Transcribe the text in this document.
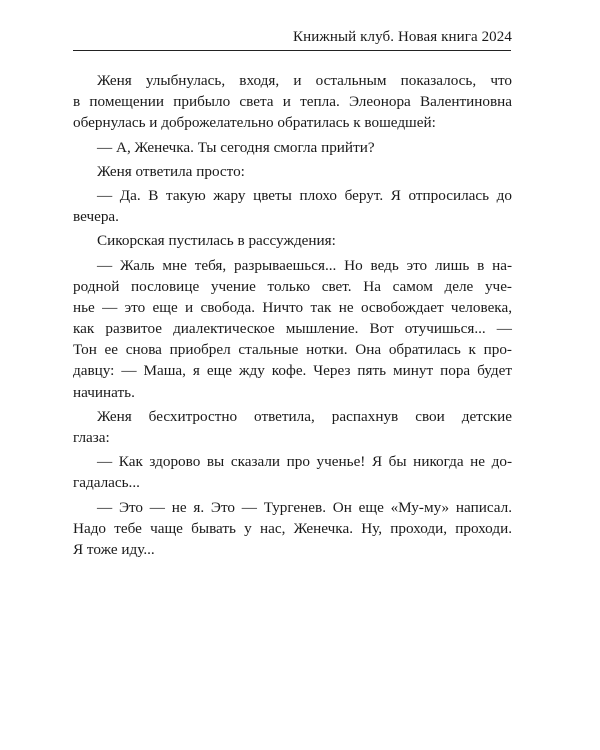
Книжный клуб. Новая книга 2024
Женя улыбнулась, входя, и остальным показалось, что
в помещении прибыло света и тепла. Элеонора Валентиновна
обернулась и доброжелательно обратилась к вошедшей:
— А, Женечка. Ты сегодня смогла прийти?
Женя ответила просто:
— Да. В такую жару цветы плохо берут. Я отпросилась до
вечера.
Сикорская пустилась в рассуждения:
— Жаль мне тебя, разрываешься... Но ведь это лишь в на-
родной пословице учение только свет. На самом деле уче-
нье — это еще и свобода. Ничто так не освобождает человека,
как развитое диалектическое мышление. Вот отучишься... —
Тон ее снова приобрел стальные нотки. Она обратилась к про-
давцу: — Маша, я еще жду кофе. Через пять минут пора будет
начинать.
Женя бесхитростно ответила, распахнув свои детские
глаза:
— Как здорово вы сказали про ученье! Я бы никогда не до-
гадалась...
— Это — не я. Это — Тургенев. Он еще «Му-му» написал.
Надо тебе чаще бывать у нас, Женечка. Ну, проходи, проходи.
Я тоже иду...
